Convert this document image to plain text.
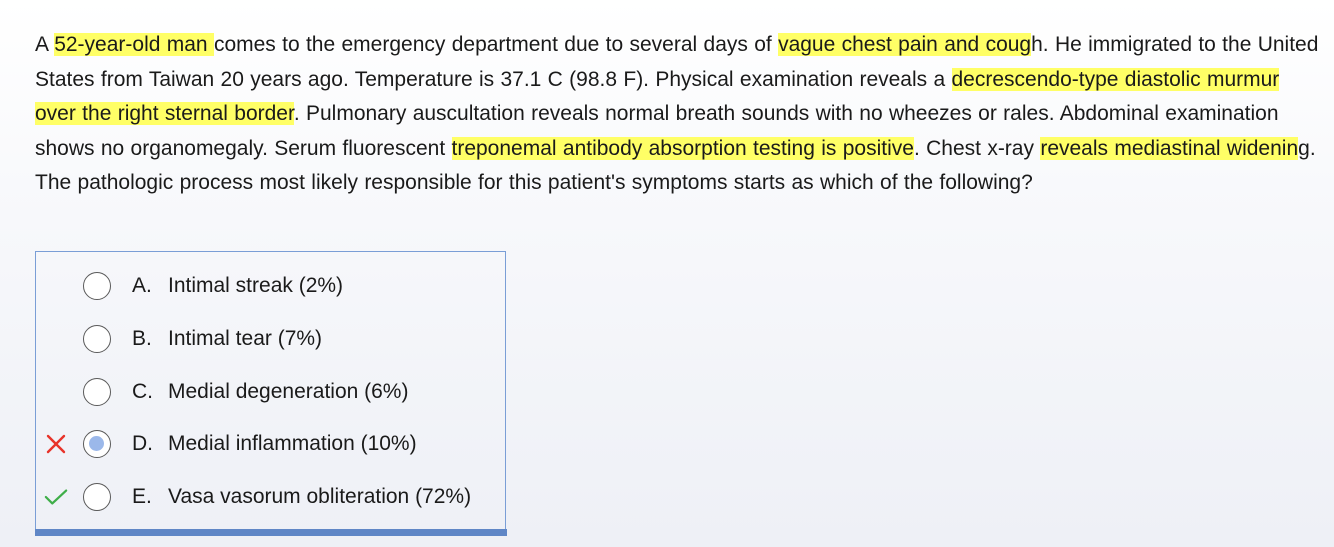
A 52-year-old man comes to the emergency department due to several days of vague chest pain and cough. He immigrated to the United States from Taiwan 20 years ago. Temperature is 37.1 C (98.8 F). Physical examination reveals a decrescendo-type diastolic murmur over the right sternal border. Pulmonary auscultation reveals normal breath sounds with no wheezes or rales. Abdominal examination shows no organomegaly. Serum fluorescent treponemal antibody absorption testing is positive. Chest x-ray reveals mediastinal widening. The pathologic process most likely responsible for this patient's symptoms starts as which of the following?
A. Intimal streak (2%)
B. Intimal tear (7%)
C. Medial degeneration (6%)
D. Medial inflammation (10%)
E. Vasa vasorum obliteration (72%)
